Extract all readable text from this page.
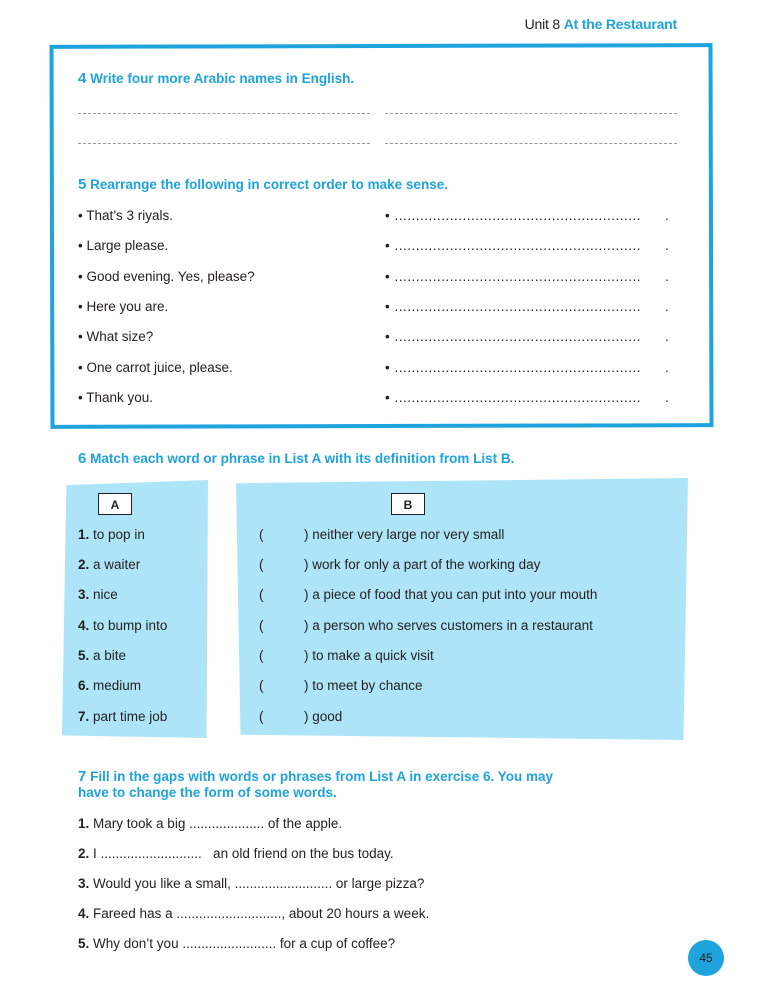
Unit 8 At the Restaurant
4 Write four more Arabic names in English.
5 Rearrange the following in correct order to make sense.
• That’s 3 riyals.
• Large please.
• Good evening. Yes, please?
• Here you are.
• What size?
• One carrot juice, please.
• Thank you.
• ..........................................................
• ..........................................................
• ..........................................................
• ..........................................................
• ..........................................................
• ..........................................................
• ..........................................................
.
.
.
.
.
.
.
6 Match each word or phrase in List A with its definition from List B.
A	B
1. to pop in
2. a waiter
3. nice
4. to bump into
5. a bite
6. medium
7. part time job
(
(
(
(
(
(
(
) neither very large nor very small
) work for only a part of the working day
) a piece of food that you can put into your mouth
) a person who serves customers in a restaurant
) to make a quick visit
) to meet by chance
) good
7 Fill in the gaps with words or phrases from List A in exercise 6. You may
have to change the form of some words.
1. Mary took a big .................... of the apple.
2. I ...........................   an old friend on the bus today.
3. Would you like a small, .......................... or large pizza?
4. Fareed has a ............................, about 20 hours a week.
5. Why don’t you ......................... for a cup of coffee?
45
